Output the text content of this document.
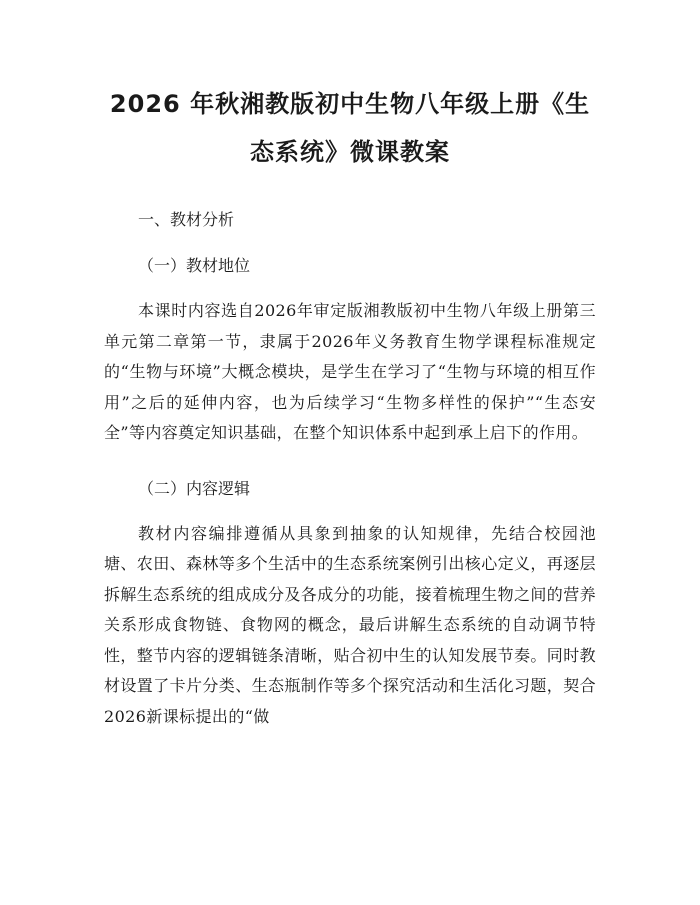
2026 年秋湘教版初中生物八年级上册《生态系统》微课教案
一、教材分析
（一）教材地位

本课时内容选自2026年审定版湘教版初中生物八年级上册第三单元第二章第一节，隶属于2026年义务教育生物学课程标准规定的“生物与环境”大概念模块，是学生在学习了“生物与环境的相互作用”之后的延伸内容，也为后续学习“生物多样性的保护”“生态安全”等内容奠定知识基础，在整个知识体系中起到承上启下的作用。

（二）内容逻辑

教材内容编排遵循从具象到抽象的认知规律，先结合校园池塘、农田、森林等多个生活中的生态系统案例引出核心定义，再逐层拆解生态系统的组成成分及各成分的功能，接着梳理生物之间的营养关系形成食物链、食物网的概念，最后讲解生态系统的自动调节特性，整节内容的逻辑链条清晰，贴合初中生的认知发展节奏。同时教材设置了卡片分类、生态瓶制作等多个探究活动和生活化习题，契合2026新课标提出的“做
